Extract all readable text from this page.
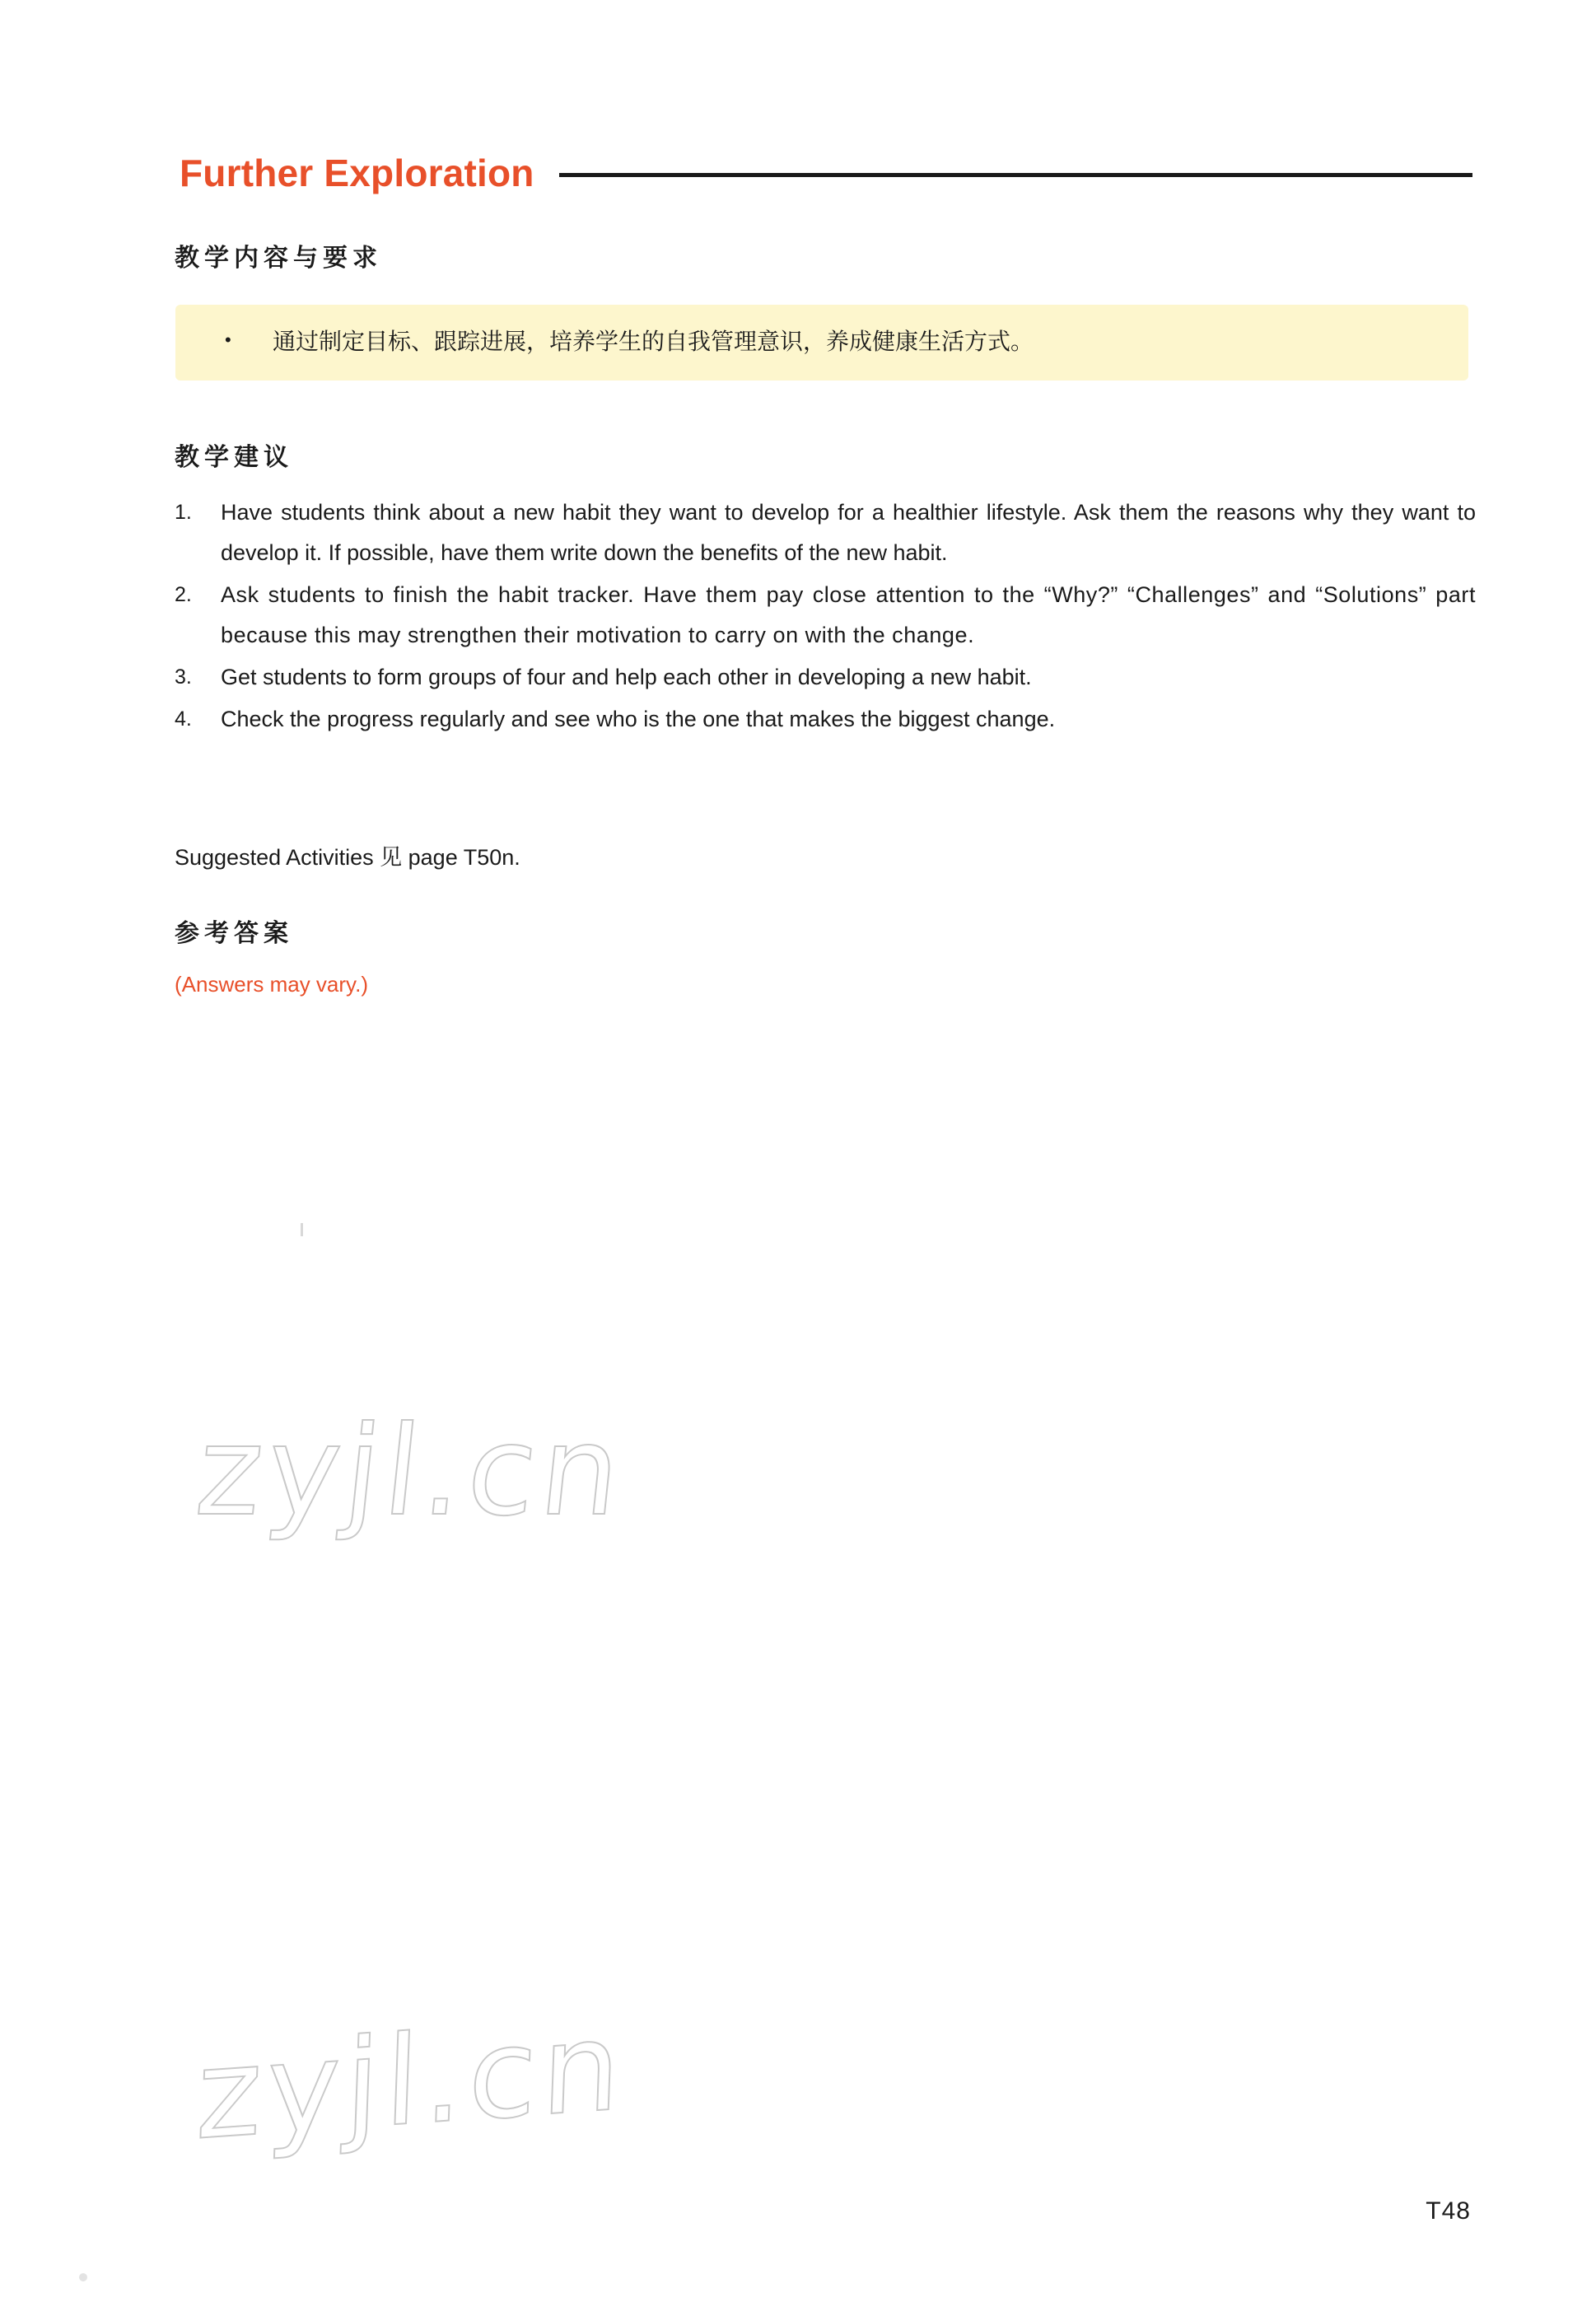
Further Exploration
教学内容与要求
• 通过制定目标、跟踪进展，培养学生的自我管理意识，养成健康生活方式。
教学建议
1.	Have students think about a new habit they want to develop for a healthier lifestyle. Ask them the reasons why they want to develop it. If possible, have them write down the benefits of the new habit.
2.	Ask students to finish the habit tracker. Have them pay close attention to the “Why?” “Challenges” and “Solutions” part because this may strengthen their motivation to carry on with the change.
3.	Get students to form groups of four and help each other in developing a new habit.
4.	Check the progress regularly and see who is the one that makes the biggest change.
Suggested Activities 见 page T50n.
参考答案
(Answers may vary.)
zyjl.cn
zyjl.cn
T48
